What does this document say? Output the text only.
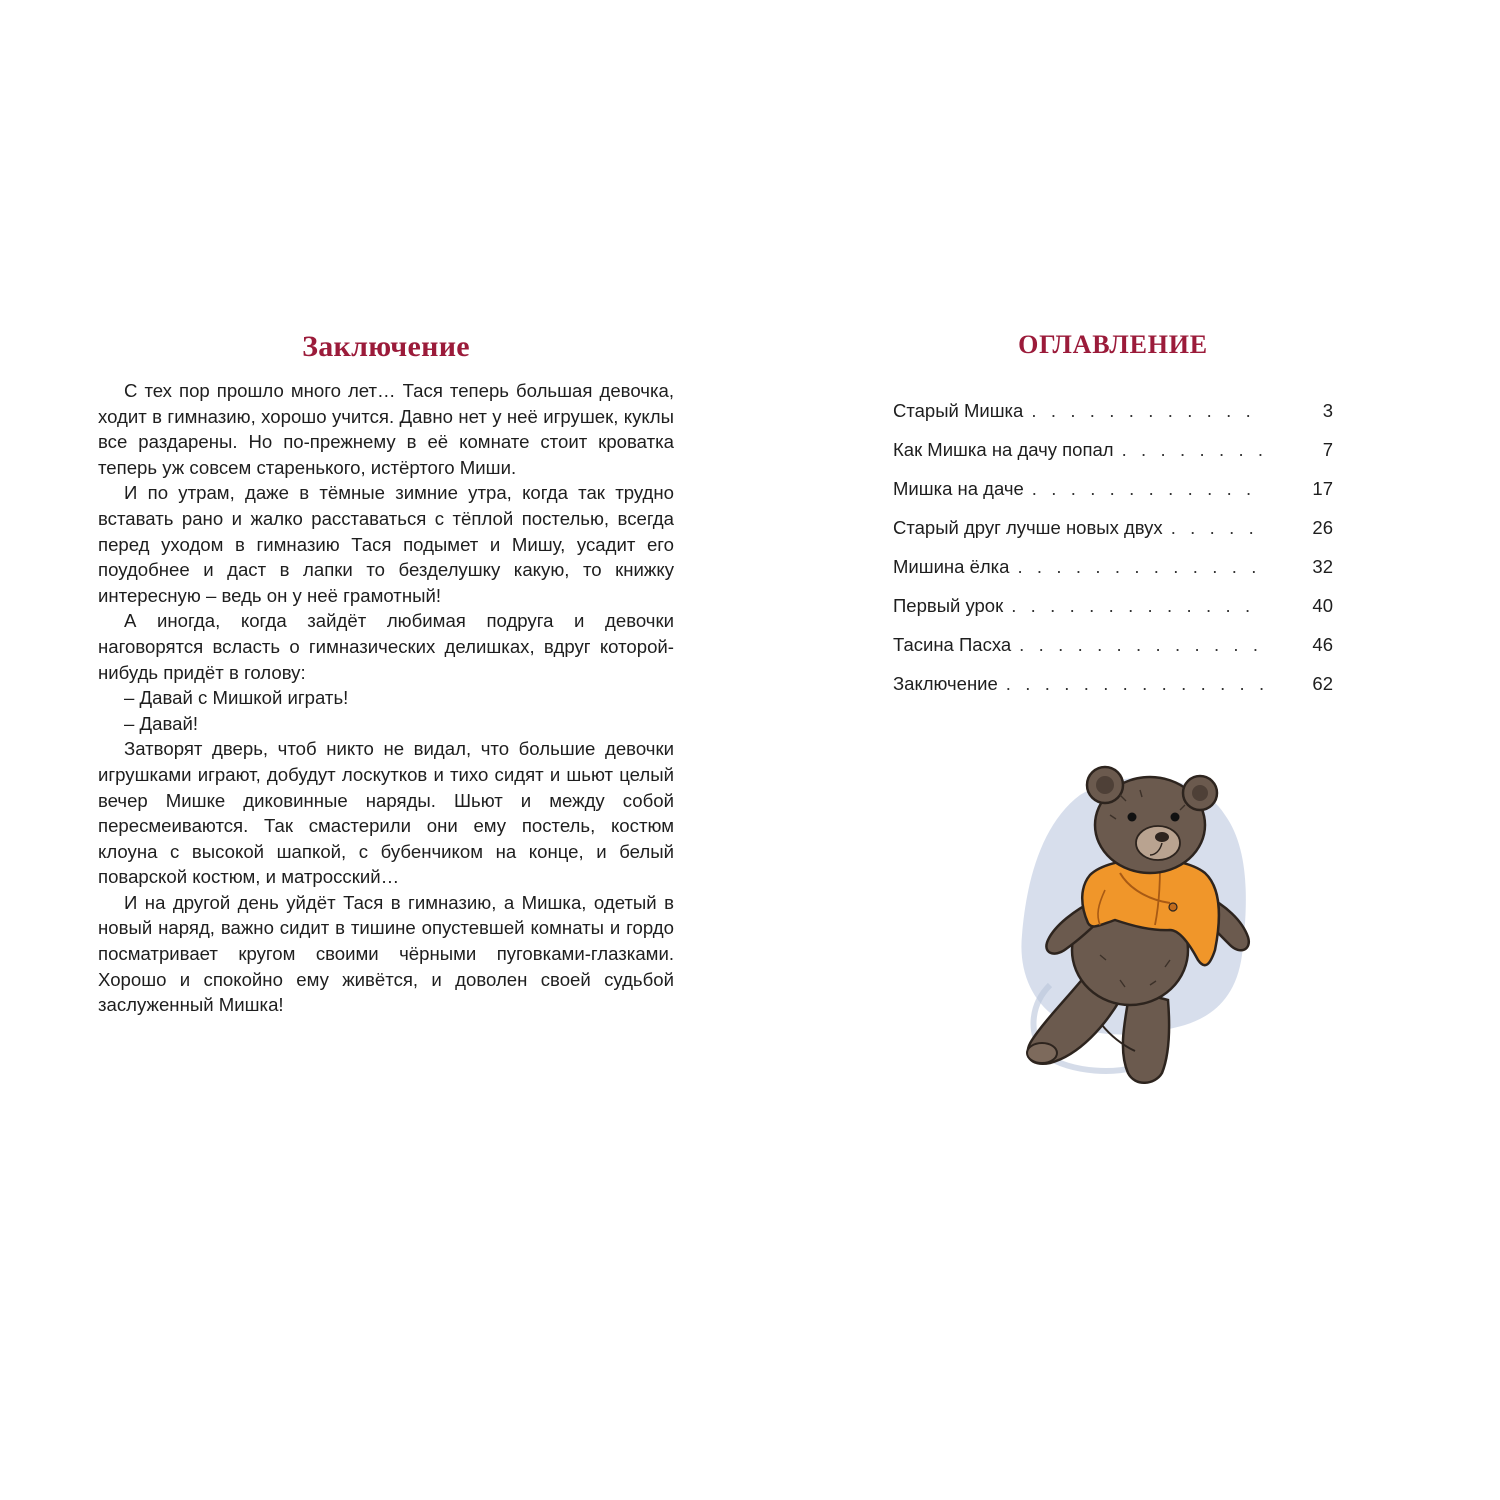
Заключение

С тех пор прошло много лет… Тася теперь большая девочка, ходит в гимназию, хорошо учится. Давно нет у неё игрушек, куклы все раздарены. Но по-прежнему в её комнате стоит кроватка теперь уж совсем старенького, истёртого Миши.

И по утрам, даже в тёмные зимние утра, когда так трудно вставать рано и жалко расставаться с тёплой постелью, всегда перед уходом в гимназию Тася подымет и Мишу, усадит его поудобнее и даст в лапки то безделушку какую, то книжку интересную – ведь он у неё грамотный!

А иногда, когда зайдёт любимая подруга и девочки наговорятся всласть о гимназических делишках, вдруг которой-нибудь придёт в голову:

– Давай с Мишкой играть!

– Давай!

Затворят дверь, чтоб никто не видал, что большие девочки игрушками играют, добудут лоскутков и тихо сидят и шьют целый вечер Мишке диковинные наряды. Шьют и между собой пересмеиваются. Так смастерили они ему постель, костюм клоуна с высокой шапкой, с бубенчиком на конце, и белый поварской костюм, и матросский…

И на другой день уйдёт Тася в гимназию, а Мишка, одетый в новый наряд, важно сидит в тишине опустевшей комнаты и гордо посматривает кругом своими чёрными пуговками-глазками. Хорошо и спокойно ему живётся, и доволен своей судьбой заслуженный Мишка!

ОГЛАВЛЕНИЕ
Старый Мишка . . .	3
Как Мишка на дачу попал . . .	7
Мишка на даче . . .	17
Старый друг лучше новых двух . . .	26
Мишина ёлка . . .	32
Первый урок . . .	40
Тасина Пасха . . .	46
Заключение . . .	62
